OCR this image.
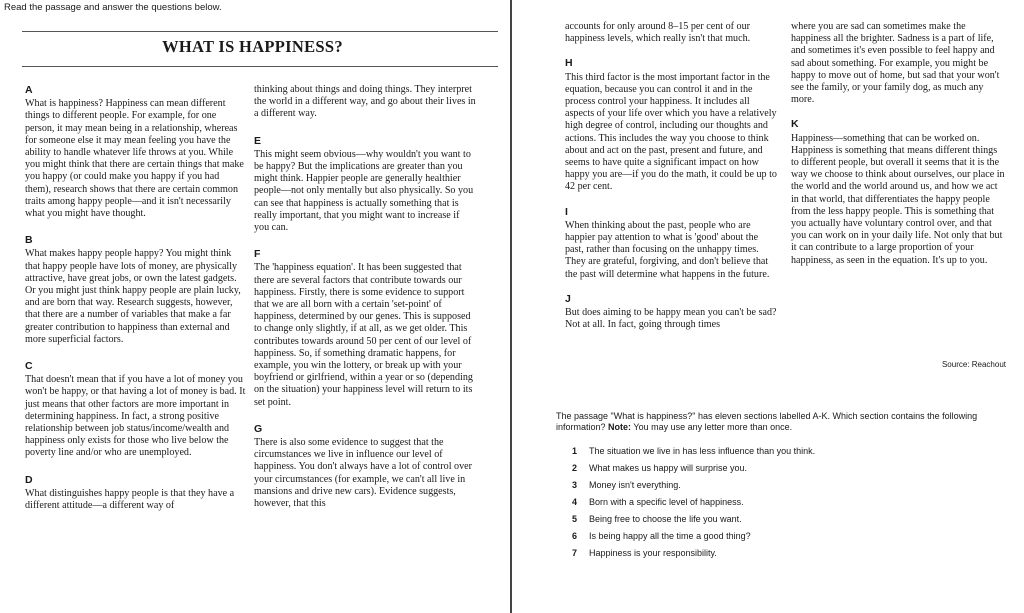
Read the passage and answer the questions below.
WHAT IS HAPPINESS?
A

What is happiness? Happiness can mean different things to different people. For example, for one person, it may mean being in a relationship, whereas for someone else it may mean feeling you have the ability to handle whatever life throws at you. While you might think that there are certain things that make you happy (or could make you happy if you had them), research shows that there are certain common traits among happy people—and it isn't necessarily what you might have thought.

B

What makes happy people happy? You might think that happy people have lots of money, are physically attractive, have great jobs, or own the latest gadgets. Or you might just think happy people are plain lucky, and are born that way. Research suggests, however, that there are a number of variables that make a far greater contribution to happiness than external and more superficial factors.

C

That doesn't mean that if you have a lot of money you won't be happy, or that having a lot of money is bad. It just means that other factors are more important in determining happiness. In fact, a strong positive relationship between job status/income/wealth and happiness only exists for those who live below the poverty line and/or who are unemployed.

D

What distinguishes happy people is that they have a different attitude—a different way of

thinking about things and doing things. They interpret the world in a different way, and go about their lives in a different way.

E

This might seem obvious—why wouldn't you want to be happy? But the implications are greater than you might think. Happier people are generally healthier people—not only mentally but also physically. So you can see that happiness is actually something that is really important, that you might want to increase if you can.

F

The 'happiness equation'. It has been suggested that there are several factors that contribute towards our happiness. Firstly, there is some evidence to support that we are all born with a certain 'set-point' of happiness, determined by our genes. This is supposed to change only slightly, if at all, as we get older. This contributes towards around 50 per cent of our level of happiness. So, if something dramatic happens, for example, you win the lottery, or break up with your boyfriend or girlfriend, within a year or so (depending on the situation) your happiness level will return to its set point.

G

There is also some evidence to suggest that the circumstances we live in influence our level of happiness. You don't always have a lot of control over your circumstances (for example, we can't all live in mansions and drive new cars). Evidence suggests, however, that this

accounts for only around 8–15 per cent of our happiness levels, which really isn't that much.

H

This third factor is the most important factor in the equation, because you can control it and in the process control your happiness. It includes all aspects of your life over which you have a relatively high degree of control, including our thoughts and actions. This includes the way you choose to think about and act on the past, present and future, and seems to have quite a significant impact on how happy you are—if you do the math, it could be up to 42 per cent.

I

When thinking about the past, people who are happier pay attention to what is 'good' about the past, rather than focusing on the unhappy times. They are grateful, forgiving, and don't believe that the past will determine what happens in the future.

J

But does aiming to be happy mean you can't be sad? Not at all. In fact, going through times

where you are sad can sometimes make the happiness all the brighter. Sadness is a part of life, and sometimes it's even possible to feel happy and sad about something. For example, you might be happy to move out of home, but sad that your won't see the family, or your family dog, as much any more.

K

Happiness—something that can be worked on. Happiness is something that means different things to different people, but overall it seems that it is the way we choose to think about ourselves, our place in the world and the world around us, and how we act in that world, that differentiates the happy people from the less happy people. This is something that you actually have voluntary control over, and that you can work on in your daily life. Not only that but it can contribute to a large proportion of your happiness, as seen in the equation. It's up to you.

Source: Reachout
The passage "What is happiness?" has eleven sections labelled A-K. Which section contains the following information? Note: You may use any letter more than once.
1	The situation we live in has less influence than you think.
2	What makes us happy will surprise you.
3	Money isn't everything.
4	Born with a specific level of happiness.
5	Being free to choose the life you want.
6	Is being happy all the time a good thing?
7	Happiness is your responsibility.
